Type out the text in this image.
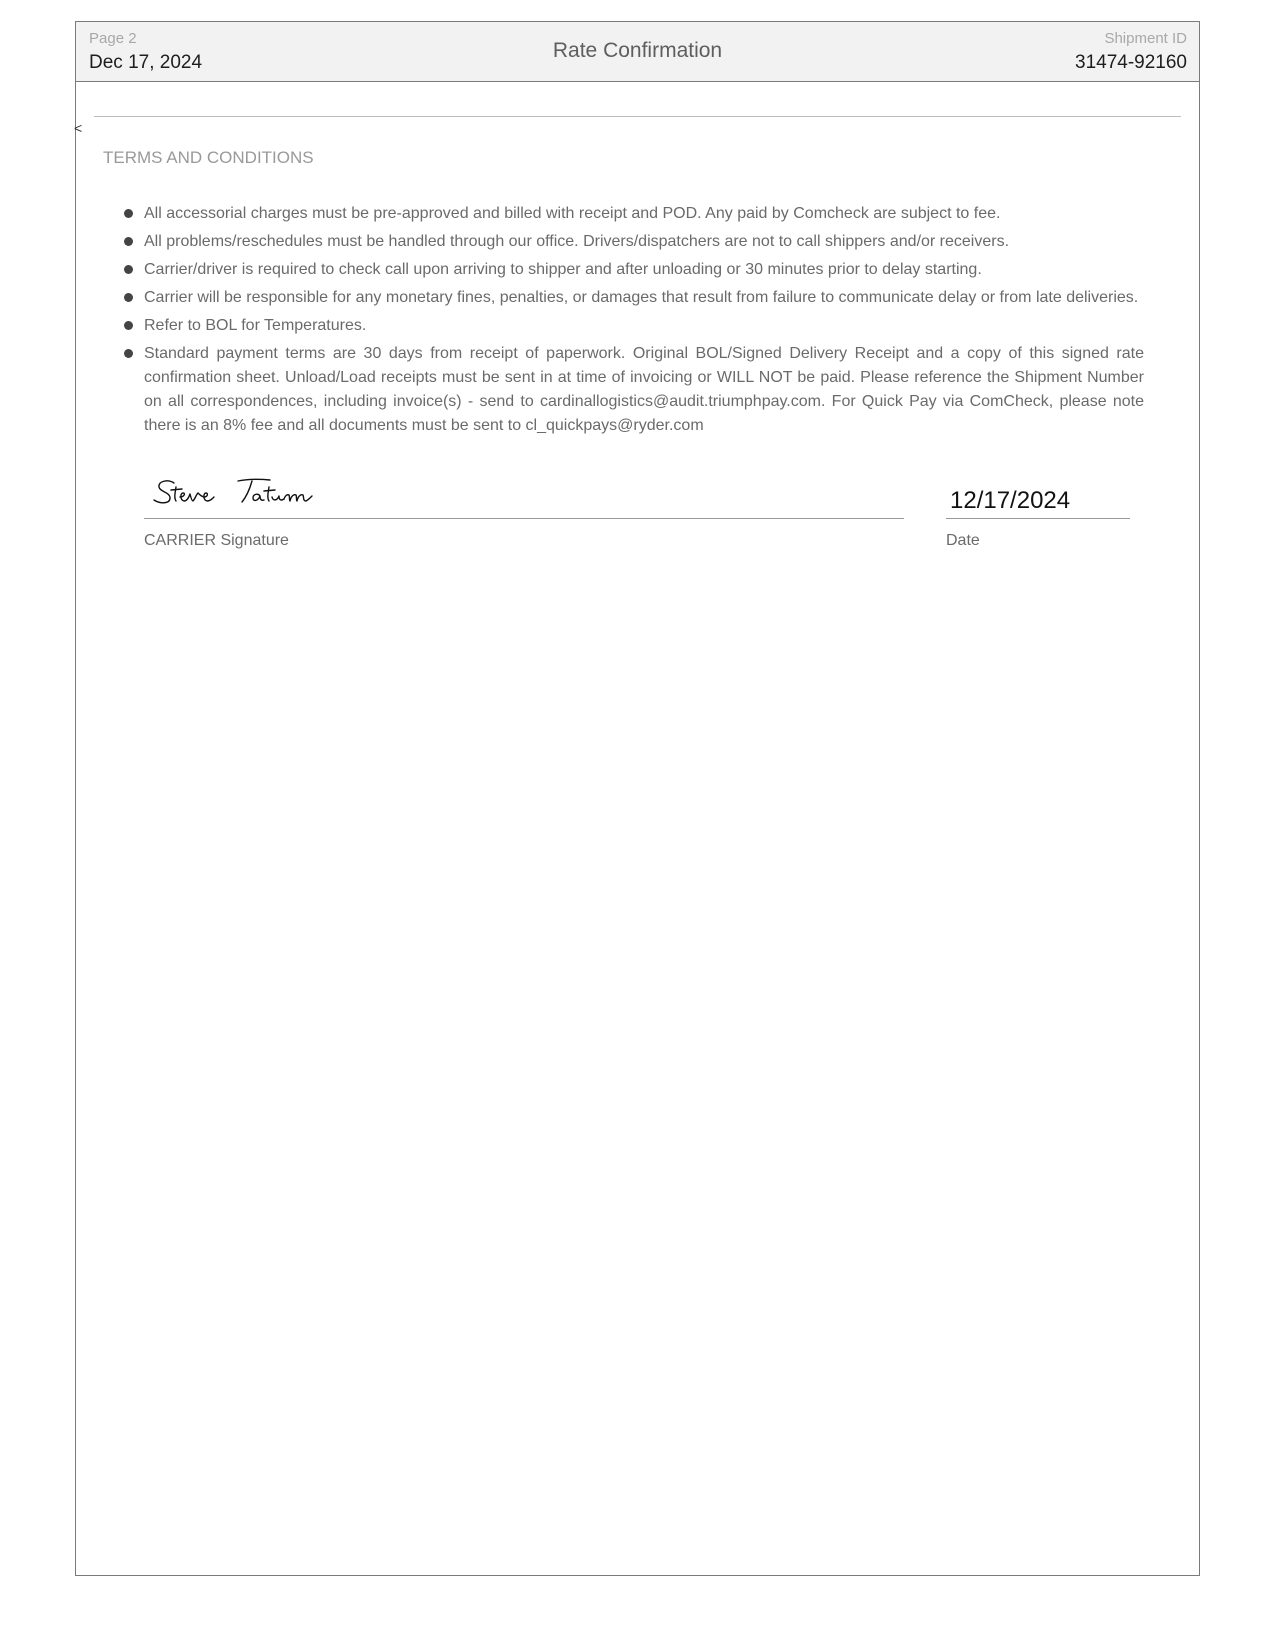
Page 2
Dec 17, 2024
Rate Confirmation
Shipment ID
31474-92160
<
TERMS AND CONDITIONS
All accessorial charges must be pre-approved and billed with receipt and POD. Any paid by Comcheck are subject to fee.
All problems/reschedules must be handled through our office. Drivers/dispatchers are not to call shippers and/or receivers.
Carrier/driver is required to check call upon arriving to shipper and after unloading or 30 minutes prior to delay starting.
Carrier will be responsible for any monetary fines, penalties, or damages that result from failure to communicate delay or from late deliveries.
Refer to BOL for Temperatures.
Standard payment terms are 30 days from receipt of paperwork. Original BOL/Signed Delivery Receipt and a copy of this signed rate confirmation sheet. Unload/Load receipts must be sent in at time of invoicing or WILL NOT be paid. Please reference the Shipment Number on all correspondences, including invoice(s) - send to cardinallogistics@audit.triumphpay.com. For Quick Pay via ComCheck, please note there is an 8% fee and all documents must be sent to cl_quickpays@ryder.com
CARRIER Signature
12/17/2024
Date
